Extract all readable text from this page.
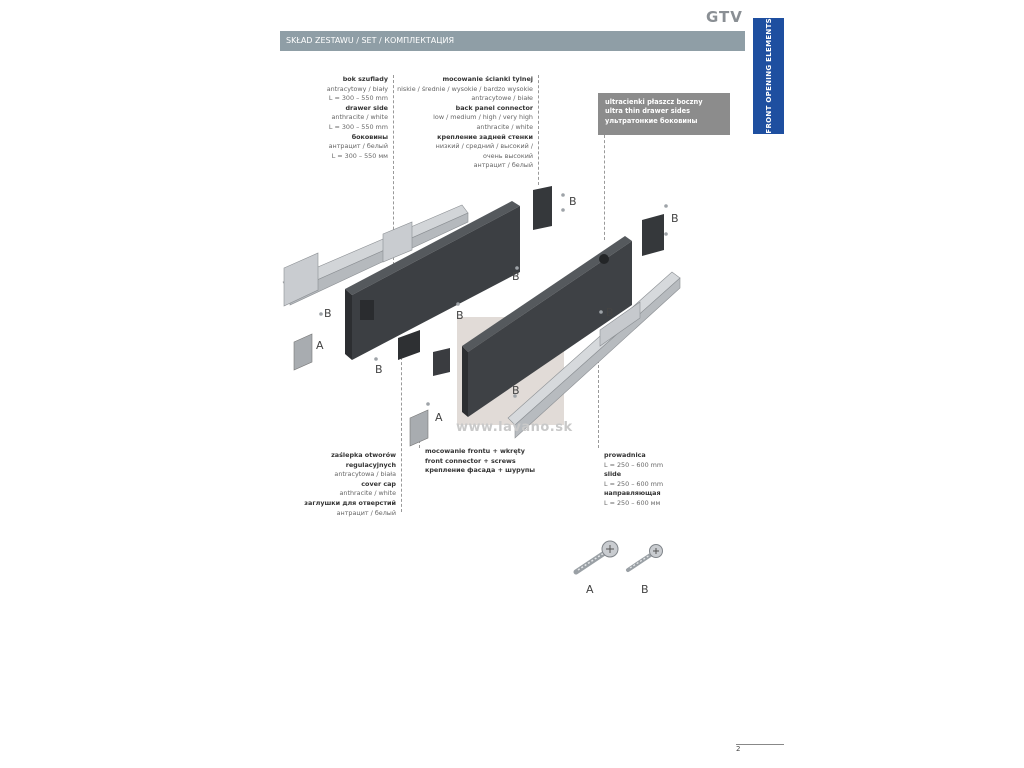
GTV
FRONT OPENING ELEMENTS
SKŁAD ZESTAWU / SET / КОМПЛЕКТАЦИЯ
bok szuflady
antracytowy / biały
L = 300 – 550 mm
drawer side
anthracite / white
L = 300 – 550 mm
боковины
антрацит / белый
L = 300 – 550 мм
mocowanie ścianki tylnej
niskie / średnie / wysokie / bardzo wysokie
antracytowe / białe
back panel connector
low / medium / high / very high
anthracite / white
крепление задней стенки
низкий / средний / высокий /
очень высокий
антрацит / белый
ultracienki płaszcz boczny
ultra thin drawer sides
ультратонкие боковины
zaślepka otworów
regulacyjnych
antracytowa / biała
cover cap
anthracite / white
заглушки для отверстий
антрацит / белый
mocowanie frontu + wkręty
front connector + screws
крепление фасада + шурупы
prowadnica
L = 250 – 600 mm
slide
L = 250 – 600 mm
направляющая
L = 250 – 600 мм
B
B
B
B	B	B
A
B
B
A
www.lavano.sk
A	B
2
